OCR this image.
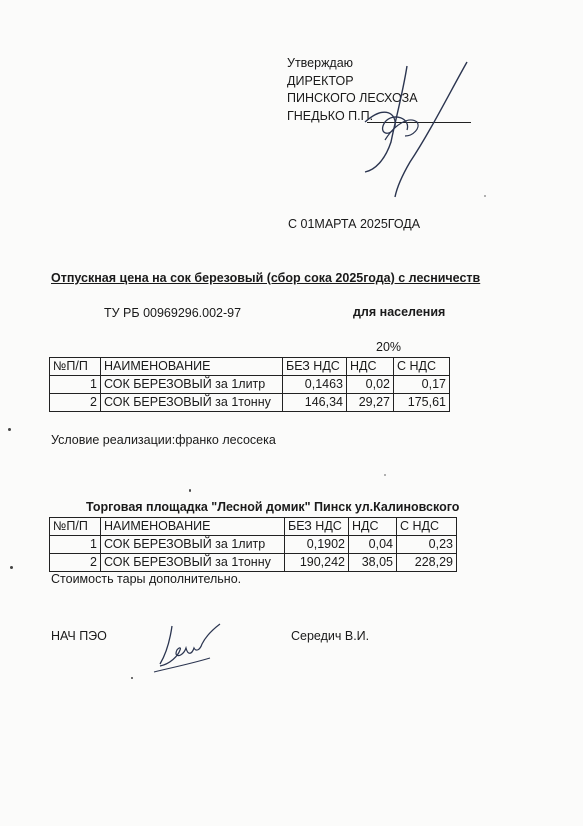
Утверждаю
ДИРЕКТОР
ПИНСКОГО ЛЕСХОЗА
ГНЕДЬКО П.П.
С 01МАРТА 2025ГОДА
Отпускная цена на сок березовый (сбор сока 2025года) с лесничеств
ТУ РБ 00969296.002-97	для населения
20%
№П/П	НАИМЕНОВАНИЕ	БЕЗ НДС	НДС	С НДС
1	СОК БЕРЕЗОВЫЙ за 1литр	0,1463	0,02	0,17
2	СОК БЕРЕЗОВЫЙ за 1тонну	146,34	29,27	175,61
Условие реализации:франко лесосека
Торговая площадка "Лесной домик" Пинск ул.Калиновского
№П/П	НАИМЕНОВАНИЕ	БЕЗ НДС	НДС	С НДС
1	СОК БЕРЕЗОВЫЙ за 1литр	0,1902	0,04	0,23
2	СОК БЕРЕЗОВЫЙ за 1тонну	190,242	38,05	228,29
Стоимость тары дополнительно.
НАЧ ПЭО	Середич В.И.
